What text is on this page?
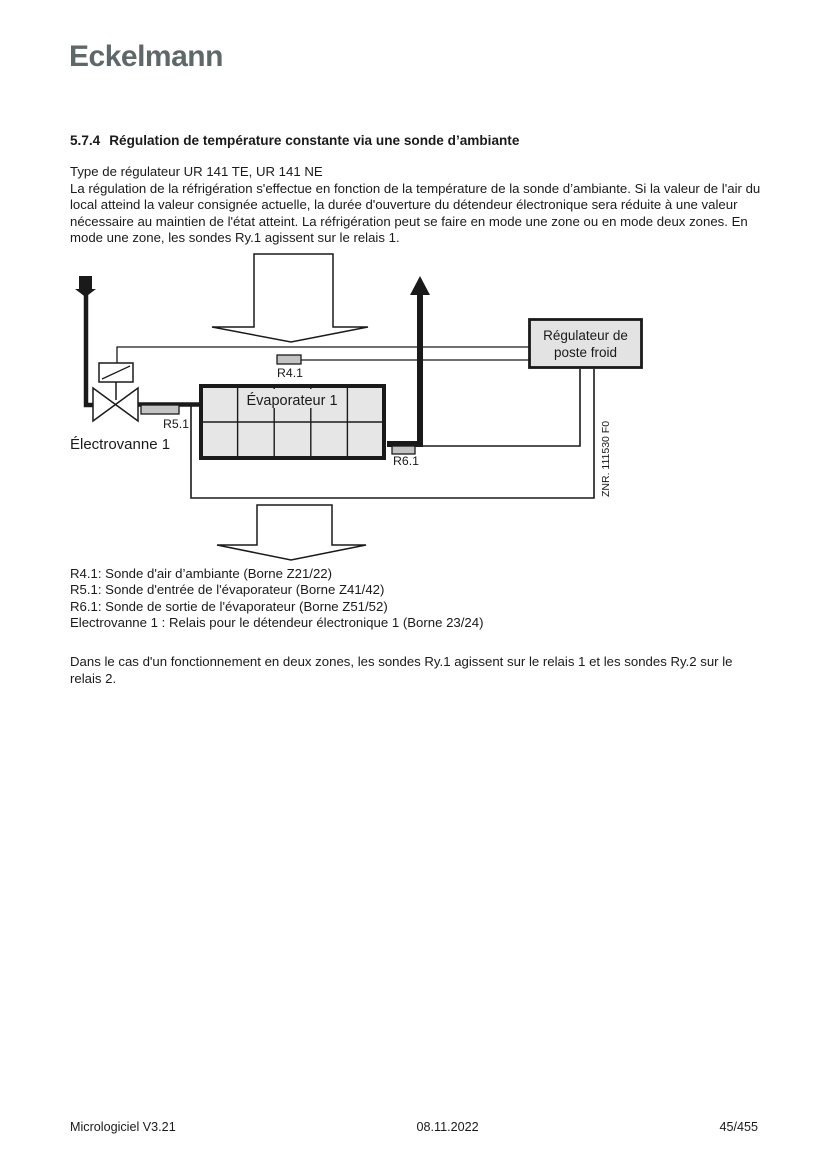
Eckelmann
5.7.4 Régulation de température constante via une sonde d’ambiante
Type de régulateur UR 141 TE, UR 141 NE

La régulation de la réfrigération s'effectue en fonction de la température de la sonde d’ambiante. Si la valeur de l'air du local atteind la valeur consignée actuelle, la durée d'ouverture du détendeur électronique sera réduite à une valeur nécessaire au maintien de l'état atteint. La réfrigération peut se faire en mode une zone ou en mode deux zones. En mode une zone, les sondes Ry.1 agissent sur le relais 1.

Évaporateur 1
R4.1
R5.1
R6.1
Régulateur de
poste froid
ZNR. 111530 F0
Électrovanne 1
R4.1: Sonde d'air d’ambiante (Borne Z21/22)
R5.1: Sonde d'entrée de l'évaporateur (Borne Z41/42)
R6.1: Sonde de sortie de l'évaporateur (Borne Z51/52)
Electrovanne 1 : Relais pour le détendeur électronique 1 (Borne 23/24)

Dans le cas d'un fonctionnement en deux zones, les sondes Ry.1 agissent sur le relais 1 et les sondes Ry.2 sur le relais 2.

Micrologiciel V3.21	08.11.2022	45/455
